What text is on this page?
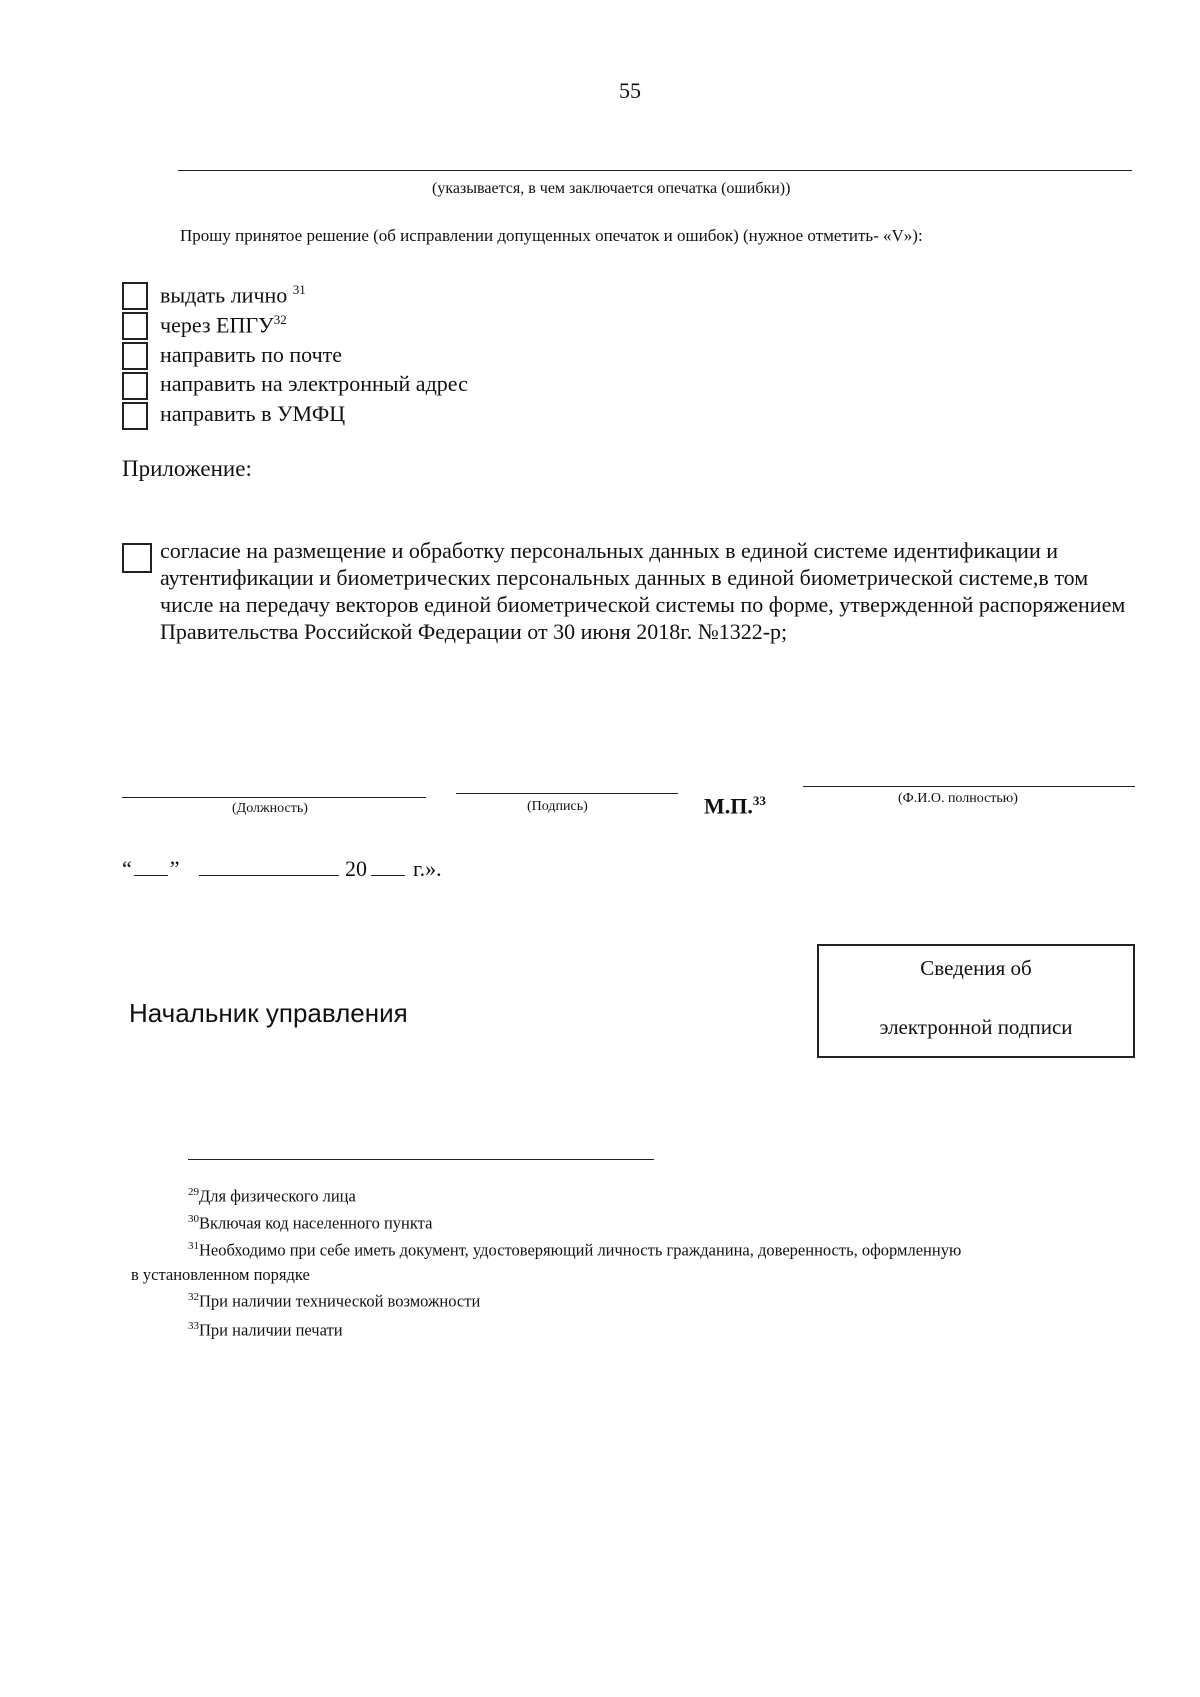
55
(указывается, в чем заключается опечатка (ошибки))
Прошу принятое решение (об исправлении допущенных опечаток и ошибок) (нужное отметить- «V»):
выдать лично $^{31}$
через ЕПГУ$^{32}$
направить по почте
направить на электронный адрес
направить в УМФЦ
Приложение:
согласие на размещение и обработку персональных данных в единой системе идентификации и аутентификации и биометрических персональных данных в единой биометрической системе,в том числе на передачу векторов единой биометрической системы по форме, утвержденной распоряжением Правительства Российской Федерации от 30 июня 2018г. №1322-р;
(Должность)	(Подпись)	М.П.$^{33}$	(Ф.И.О. полностью)
“ ”	20 г.».
Начальник управления
Сведения об
электронной подписи
$^{29}$Для физического лица
$^{30}$Включая код населенного пункта
$^{31}$Необходимо при себе иметь документ, удостоверяющий личность гражданина, доверенность, оформленную
в установленном порядке
$^{32}$При наличии технической возможности
$^{33}$При наличии печати
